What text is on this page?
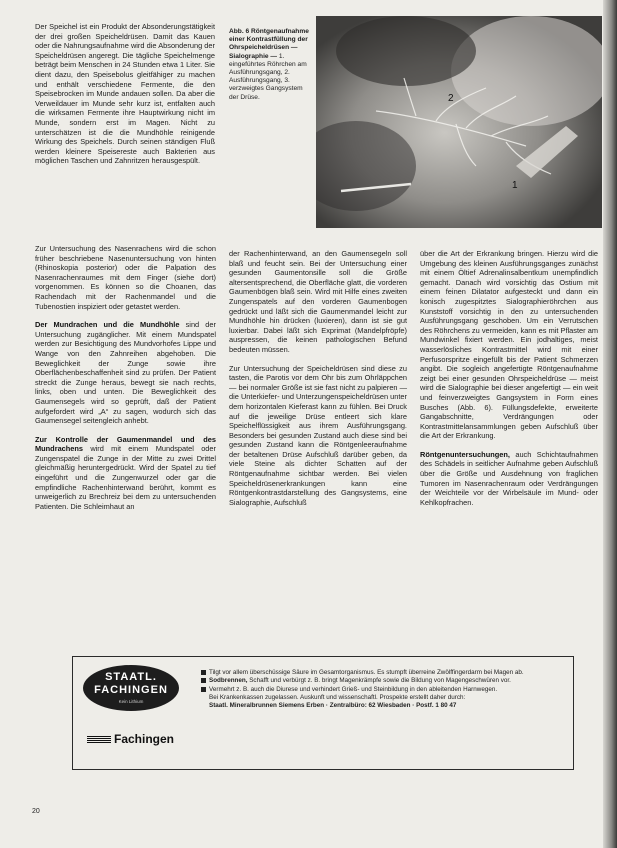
Der Speichel ist ein Produkt der Absonderungstätigkeit der drei großen Speicheldrüsen. Damit das Kauen oder die Nahrungsaufnahme wird die Absonderung der Speicheldrüsen angeregt. Die tägliche Speichelmenge beträgt beim Menschen in 24 Stunden etwa 1 Liter. Sie dient dazu, den Speisebolus gleitfähiger zu machen und enthält verschiedene Fermente, die den Speisebrocken im Munde andauen sollen. Da aber die Verweildauer im Munde sehr kurz ist, entfalten auch die wirksamen Fermente ihre Hauptwirkung nicht im Munde, sondern erst im Magen. Nicht zu unterschätzen ist die die Mundhöhle reinigende Wirkung des Speichels. Durch seinen ständigen Fluß werden kleinere Speisereste auch Bakterien aus möglichen Taschen und Zahnritzen herausgespült.

Abb. 6 Röntgenaufnahme einer Kontrastfüllung der Ohrspeicheldrüsen — Sialographie — 1. eingeführtes Röhrchen am Ausführungsgang, 2. Ausführungsgang, 3. verzweigtes Gangsystem der Drüse.	2
1

Zur Untersuchung des Nasenrachens wird die schon früher beschriebene Nasenuntersuchung von hinten (Rhinoskopia posterior) oder die Palpation des Nasenrachenraumes mit dem Finger (siehe dort) vorgenommen. Es können so die Choanen, das Rachendach mit der Rachenmandel und die Tubenostien inspiziert oder getastet werden.

Der Mundrachen und die Mundhöhle sind der Untersuchung zugänglicher. Mit einem Mundspatel werden zur Besichtigung des Mundvorhofes Lippe und Wange von den Zahnreihen abgehoben. Die Beweglichkeit der Zunge sowie ihre Oberflächenbeschaffenheit sind zu prüfen. Der Patient streckt die Zunge heraus, bewegt sie nach rechts, links, oben und unten. Die Beweglichkeit des Gaumensegels wird so geprüft, daß der Patient aufgefordert wird „A“ zu sagen, wodurch sich das Gaumensegel seitengleich anhebt.

Zur Kontrolle der Gaumenmandel und des Mundrachens wird mit einem Mundspatel oder Zungenspatel die Zunge in der Mitte zu zwei Drittel gleichmäßig heruntergedrückt. Wird der Spatel zu tief eingeführt und die Zungenwurzel oder gar die empfindliche Rachenhinterwand berührt, kommt es unweigerlich zu Brechreiz bei dem zu untersuchenden Patienten. Die Schleimhaut an

der Rachenhinterwand, an den Gaumensegeln soll blaß und feucht sein. Bei der Untersuchung einer gesunden Gaumentonsille soll die Größe altersentsprechend, die Oberfläche glatt, die vorderen Gaumenbögen blaß sein. Wird mit Hilfe eines zweiten Zungenspatels auf den vorderen Gaumenbogen gedrückt und läßt sich die Gaumenmandel leicht zur Mundhöhle hin drücken (luxieren), dann ist sie gut luxierbar. Dabei läßt sich Exprimat (Mandelpfröpfe) auspressen, die keinen pathologischen Befund bedeuten müssen.

Zur Untersuchung der Speicheldrüsen sind diese zu tasten, die Parotis vor dem Ohr bis zum Ohrläppchen — bei normaler Größe ist sie fast nicht zu palpieren — die Unterkiefer- und Unterzungenspeicheldrüsen unter dem horizontalen Kieferast kann zu fühlen. Bei Druck auf die jeweilige Drüse entleert sich klare Speichelflüssigkeit aus ihrem Ausführungsgang. Besonders bei gesunden Zustand auch diese sind bei gesunden Zustand kann die Röntgenleeraufnahme der betaltenen Drüse Aufschluß darüber geben, da viele Steine als dichter Schatten auf der Röntgenaufnahme sichtbar werden. Bei vielen Speicheldrüsenerkrankungen kann eine Röntgenkontrastdarstellung des Gangsystems, eine Sialographie, Aufschluß

über die Art der Erkrankung bringen. Hierzu wird die Umgebung des kleinen Ausführungsganges zunächst mit einem Öltief Adrenalinsalbentkum unempfindlich gemacht. Danach wird vorsichtig das Ostium mit einem feinen Dilatator aufgesteckt und dann ein konisch zugespitztes Sialographieröhrchen aus Kunststoff vorsichtig in den zu untersuchenden Ausführungsgang geschoben. Um ein Verrutschen des Röhrchens zu vermeiden, kann es mit Pflaster am Mundwinkel fixiert werden. Ein jodhaltiges, meist wasserlösliches Kontrastmittel wird mit einer Perfusorspritze eingefüllt bis der Patient Schmerzen angibt. Die sogleich angefertigte Röntgenaufnahme zeigt bei einer gesunden Ohrspeicheldrüse — meist wird die Sialographie bei dieser angefertigt — ein weit und feinverzweigtes Gangsystem in Form eines Busches (Abb. 6). Füllungsdefekte, erweiterte Gangabschnitte, Verdrängungen oder Kontrastmittelansammlungen geben Aufschluß über die Art der Erkrankung.

Röntgenuntersuchungen, auch Schichtaufnahmen des Schädels in seitlicher Aufnahme geben Aufschluß über die Größe und Ausdehnung von fraglichen Tumoren im Nasenrachenraum oder Verdrängungen der Weichteile vor der Wirbelsäule im Mund- oder Kehlkopfrachen.

STAATL.
FACHINGEN
Kein Lithium
Fachingen
Tilgt vor allem überschüssige Säure im Gesamtorganismus. Es stumpft überreine Zwölffingerdarm bei Magen ab.
Sodbrennen, Schafft und verbürgt z. B. bringt Magenkrämpfe sowie die Bildung von Magengeschwüren vor.
Vermehrt z. B. auch die Diurese und verhindert Grieß- und Steinbildung in den ableitenden Harnwegen.
Bei Krankenkassen zugelassen. Auskunft und wissenschaftl. Prospekte erstellt daher durch:
Staatl. Mineralbrunnen Siemens Erben · Zentralbüro: 62 Wiesbaden · Postf. 1 80 47
20
